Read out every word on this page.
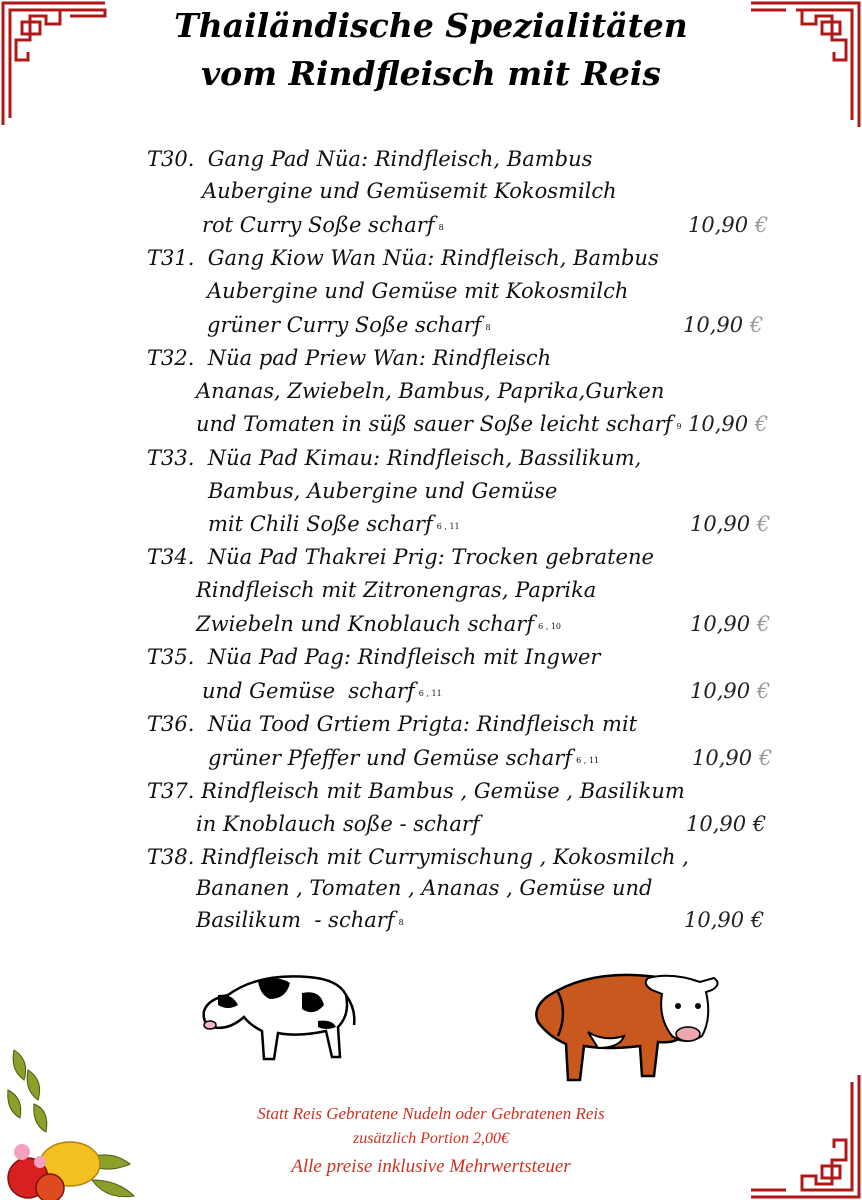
Thailändische Spezialitäten
vom Rindfleisch mit Reis
T30. Gang Pad Nüa: Rindfleisch, Bambus
Aubergine und Gemüsemit Kokosmilch
rot Curry Soße scharf $^8$	10,90 €
T31. Gang Kiow Wan Nüa: Rindfleisch, Bambus
Aubergine und Gemüse mit Kokosmilch
grüner Curry Soße scharf $^8$	10,90 €
T32. Nüa pad Priew Wan: Rindfleisch
Ananas, Zwiebeln, Bambus, Paprika,Gurken
und Tomaten in süß sauer Soße leicht scharf $^9$ 10,90 €
T33. Nüa Pad Kimau: Rindfleisch, Bassilikum,
Bambus, Aubergine und Gemüse
mit Chili Soße scharf $^{6 , 11}$	10,90 €
T34. Nüa Pad Thakrei Prig: Trocken gebratene
Rindfleisch mit Zitronengras, Paprika
Zwiebeln und Knoblauch scharf $^{6 , 10}$	10,90 €
T35. Nüa Pad Pag: Rindfleisch mit Ingwer
und Gemüse  scharf $^{6 , 11}$	10,90 €
T36. Nüa Tood Grtiem Prigta: Rindfleisch mit
grüner Pfeffer und Gemüse scharf $^{6 , 11}$	10,90 €
T37. Rindfleisch mit Bambus , Gemüse , Basilikum
in Knoblauch soße - scharf	10,90 €
T38. Rindfleisch mit Currymischung , Kokosmilch ,
Bananen , Tomaten , Ananas , Gemüse und
Basilikum  - scharf $^8$	10,90 €
Statt Reis Gebratene Nudeln oder Gebratenen Reis
zusätzlich Portion 2,00€
Alle preise inklusive Mehrwertsteuer
